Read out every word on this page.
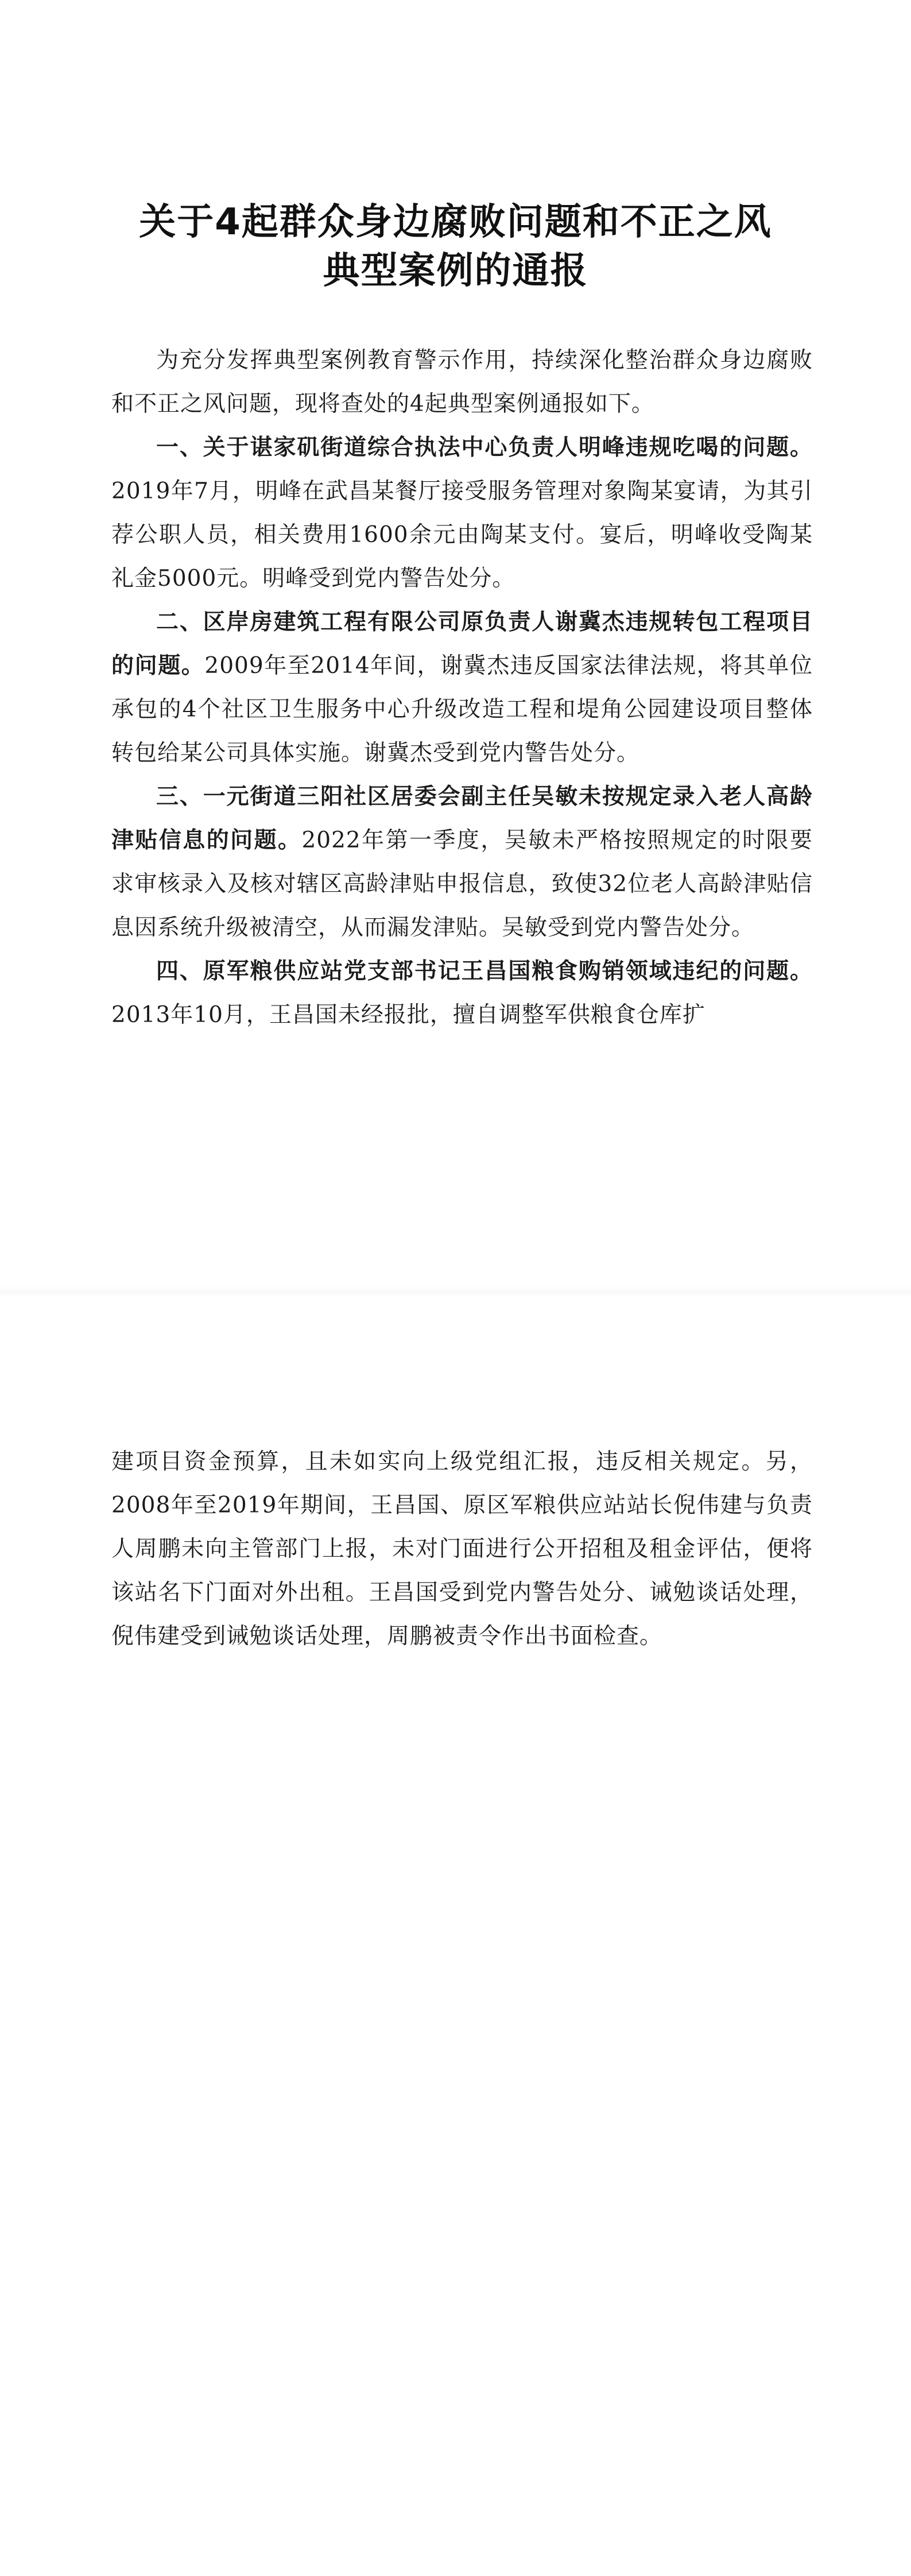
关于4起群众身边腐败问题和不正之风
典型案例的通报

为充分发挥典型案例教育警示作用，持续深化整治群众身边腐败和不正之风问题，现将查处的4起典型案例通报如下。

一、关于谌家矶街道综合执法中心负责人明峰违规吃喝的问题。2019年7月，明峰在武昌某餐厅接受服务管理对象陶某宴请，为其引荐公职人员，相关费用1600余元由陶某支付。宴后，明峰收受陶某礼金5000元。明峰受到党内警告处分。

二、区岸房建筑工程有限公司原负责人谢冀杰违规转包工程项目的问题。2009年至2014年间，谢冀杰违反国家法律法规，将其单位承包的4个社区卫生服务中心升级改造工程和堤角公园建设项目整体转包给某公司具体实施。谢冀杰受到党内警告处分。

三、一元街道三阳社区居委会副主任吴敏未按规定录入老人高龄津贴信息的问题。2022年第一季度，吴敏未严格按照规定的时限要求审核录入及核对辖区高龄津贴申报信息，致使32位老人高龄津贴信息因系统升级被清空，从而漏发津贴。吴敏受到党内警告处分。

四、原军粮供应站党支部书记王昌国粮食购销领域违纪的问题。2013年10月，王昌国未经报批，擅自调整军供粮食仓库扩

建项目资金预算，且未如实向上级党组汇报，违反相关规定。另，2008年至2019年期间，王昌国、原区军粮供应站站长倪伟建与负责人周鹏未向主管部门上报，未对门面进行公开招租及租金评估，便将该站名下门面对外出租。王昌国受到党内警告处分、诫勉谈话处理，倪伟建受到诫勉谈话处理，周鹏被责令作出书面检查。
